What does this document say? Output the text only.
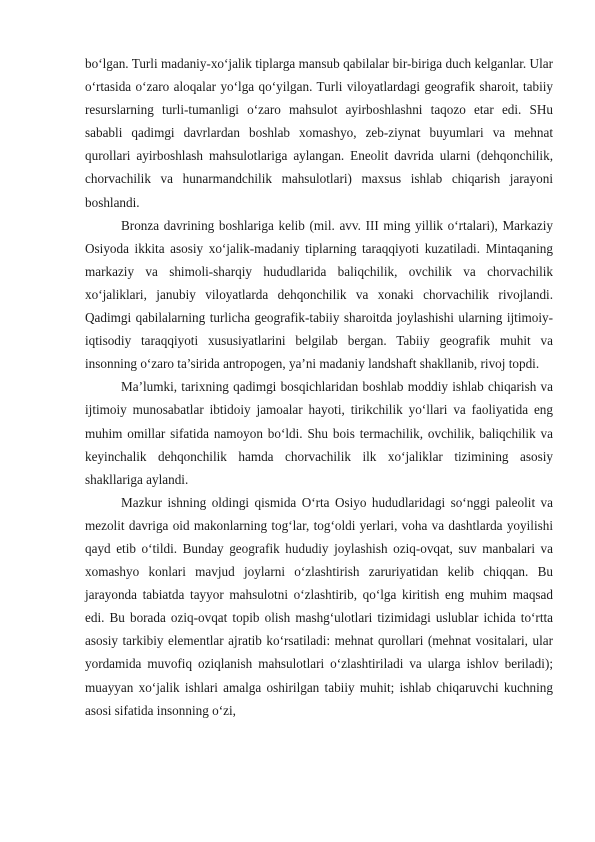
bo‘lgan. Turli madaniy-xo‘jalik tiplarga mansub qabilalar bir-biriga duch kelganlar. Ular o‘rtasida o‘zaro aloqalar yo‘lga qo‘yilgan. Turli viloyatlardagi geografik sharoit, tabiiy resurslarning turli-tumanligi o‘zaro mahsulot ayirboshlashni taqozo etar edi. SHu sababli qadimgi davrlardan boshlab xomashyo, zeb-ziynat buyumlari va mehnat qurollari ayirboshlash mahsulotlariga aylangan. Eneolit davrida ularni (dehqonchilik, chorvachilik va hunarmandchilik mahsulotlari) maxsus ishlab chiqarish jarayoni boshlandi.

Bronza davrining boshlariga kelib (mil. avv. III ming yillik o‘rtalari), Markaziy Osiyoda ikkita asosiy xo‘jalik-madaniy tiplarning taraqqiyoti kuzatiladi. Mintaqaning markaziy va shimoli-sharqiy hududlarida baliqchilik, ovchilik va chorvachilik xo‘jaliklari, janubiy viloyatlarda dehqonchilik va xonaki chorvachilik rivojlandi. Qadimgi qabilalarning turlicha geografik-tabiiy sharoitda joylashishi ularning ijtimoiy-iqtisodiy taraqqiyoti xususiyatlarini belgilab bergan. Tabiiy geografik muhit va insonning o‘zaro ta’sirida antropogen, ya’ni madaniy landshaft shakllanib, rivoj topdi.

Ma’lumki, tarixning qadimgi bosqichlaridan boshlab moddiy ishlab chiqarish va ijtimoiy munosabatlar ibtidoiy jamoalar hayoti, tirikchilik yo‘llari va faoliyatida eng muhim omillar sifatida namoyon bo‘ldi. Shu bois termachilik, ovchilik, baliqchilik va keyinchalik dehqonchilik hamda chorvachilik ilk xo‘jaliklar tizimining asosiy shakllariga aylandi.

Mazkur ishning oldingi qismida O‘rta Osiyo hududlaridagi so‘nggi paleolit va mezolit davriga oid makonlarning tog‘lar, tog‘oldi yerlari, voha va dashtlarda yoyilishi qayd etib o‘tildi. Bunday geografik hududiy joylashish oziq-ovqat, suv manbalari va xomashyo konlari mavjud joylarni o‘zlashtirish zaruriyatidan kelib chiqqan. Bu jarayonda tabiatda tayyor mahsulotni o‘zlashtirib, qo‘lga kiritish eng muhim maqsad edi. Bu borada oziq-ovqat topib olish mashg‘ulotlari tizimidagi uslublar ichida to‘rtta asosiy tarkibiy elementlar ajratib ko‘rsatiladi: mehnat qurollari (mehnat vositalari, ular yordamida muvofiq oziqlanish mahsulotlari o‘zlashtiriladi va ularga ishlov beriladi); muayyan xo‘jalik ishlari amalga oshirilgan tabiiy muhit; ishlab chiqaruvchi kuchning asosi sifatida insonning o‘zi,
